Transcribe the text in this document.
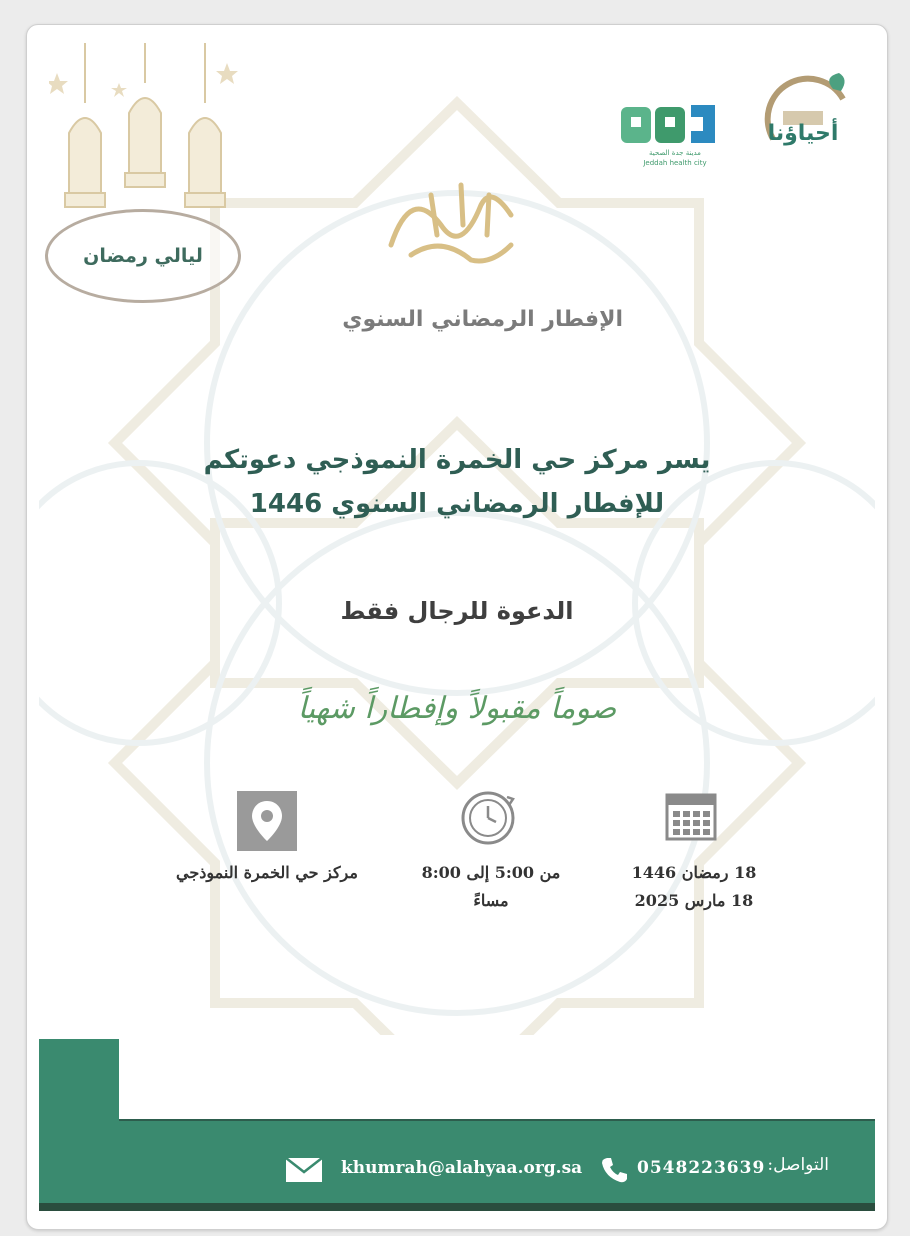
ليالي رمضان
مدينة جدة الصحية
Jeddah health city
أحياؤنا
الإفطار الرمضاني السنوي
يسر مركز حي الخمرة النموذجي دعوتكم
للإفطار الرمضاني السنوي 1446
الدعوة للرجال فقط
صوماً مقبولاً وإفطاراً شهياً
18 رمضان 1446
18 مارس 2025
من 5:00 إلى 8:00
مساءً
مركز حي الخمرة النموذجي
التواصل:
0548223639
khumrah@alahyaa.org.sa
